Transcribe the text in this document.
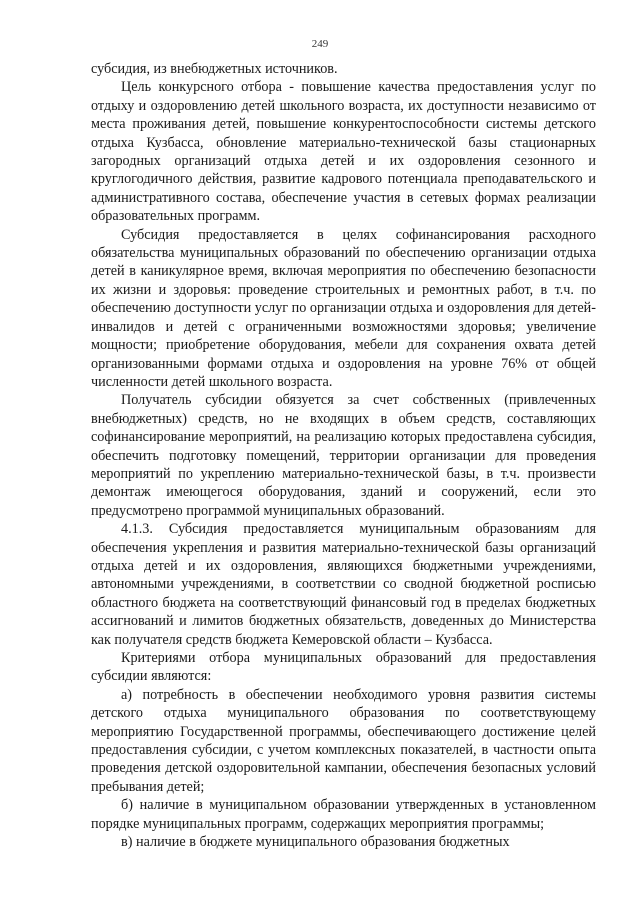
249

субсидия, из внебюджетных источников.

Цель конкурсного отбора - повышение качества предоставления услуг по отдыху и оздоровлению детей школьного возраста, их доступности независимо от места проживания детей, повышение конкурентоспособности системы детского отдыха Кузбасса, обновление материально-технической базы стационарных загородных организаций отдыха детей и их оздоровления сезонного и круглогодичного действия, развитие кадрового потенциала преподавательского и административного состава, обеспечение участия в сетевых формах реализации образовательных программ.

Субсидия предоставляется в целях софинансирования расходного обязательства муниципальных образований по обеспечению организации отдыха детей в каникулярное время, включая мероприятия по обеспечению безопасности их жизни и здоровья: проведение строительных и ремонтных работ, в т.ч. по обеспечению доступности услуг по организации отдыха и оздоровления для детей-инвалидов и детей с ограниченными возможностями здоровья; увеличение мощности; приобретение оборудования, мебели для сохранения охвата детей организованными формами отдыха и оздоровления на уровне 76% от общей численности детей школьного возраста.

Получатель субсидии обязуется за счет собственных (привлеченных внебюджетных) средств, но не входящих в объем средств, составляющих софинансирование мероприятий, на реализацию которых предоставлена субсидия, обеспечить подготовку помещений, территории организации для проведения мероприятий по укреплению материально-технической базы, в т.ч. произвести демонтаж имеющегося оборудования, зданий и сооружений, если это предусмотрено программой муниципальных образований.

4.1.3. Субсидия предоставляется муниципальным образованиям для обеспечения укрепления и развития материально-технической базы организаций отдыха детей и их оздоровления, являющихся бюджетными учреждениями, автономными учреждениями, в соответствии со сводной бюджетной росписью областного бюджета на соответствующий финансовый год в пределах бюджетных ассигнований и лимитов бюджетных обязательств, доведенных до Министерства как получателя средств бюджета Кемеровской области – Кузбасса.

Критериями отбора муниципальных образований для предоставления субсидии являются:

а) потребность в обеспечении необходимого уровня развития системы детского отдыха муниципального образования по соответствующему мероприятию Государственной программы, обеспечивающего достижение целей предоставления субсидии, с учетом комплексных показателей, в частности опыта проведения детской оздоровительной кампании, обеспечения безопасных условий пребывания детей;

б) наличие в муниципальном образовании утвержденных в установленном порядке муниципальных программ, содержащих мероприятия программы;

в) наличие в бюджете муниципального образования бюджетных
